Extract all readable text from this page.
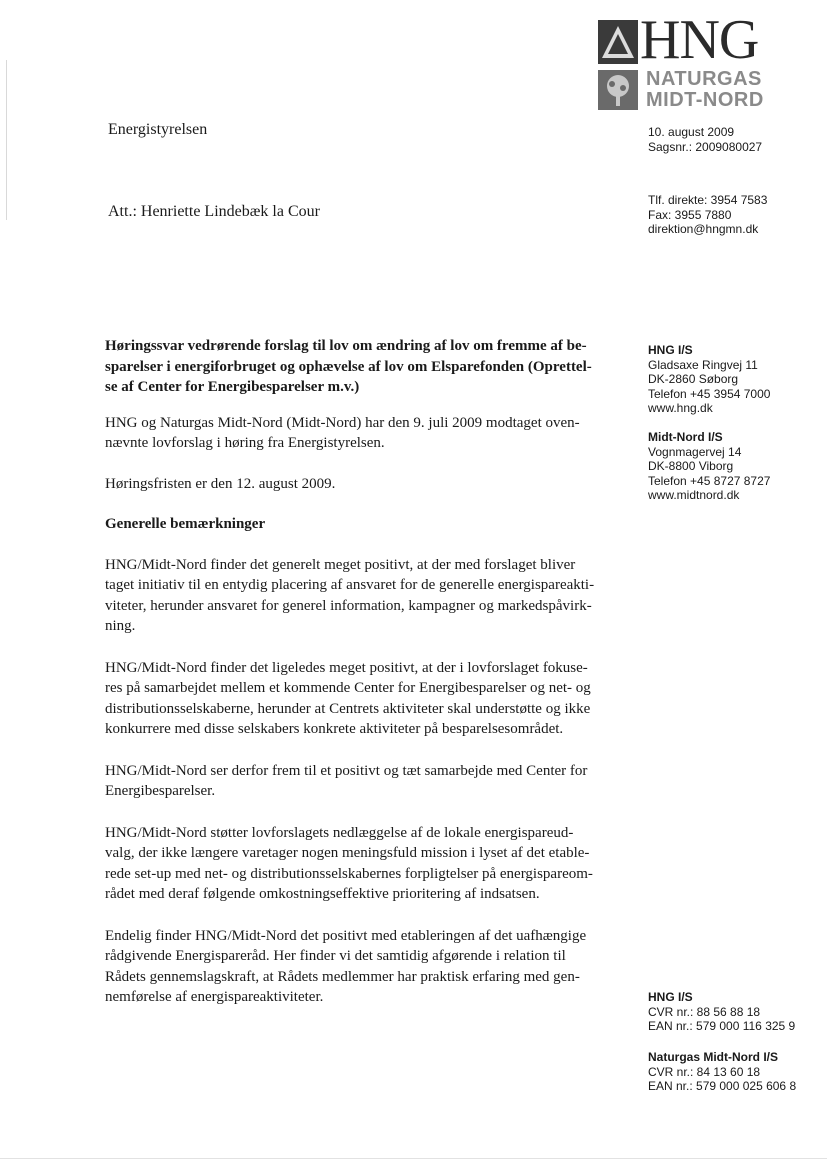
HNG
NATURGAS
MIDT-NORD
Energistyrelsen
Att.: Henriette Lindebæk la Cour
10. august 2009
Sagsnr.: 2009080027
Tlf. direkte: 3954 7583
Fax: 3955 7880
direktion@hngmn.dk
HNG I/S
Gladsaxe Ringvej 11
DK-2860 Søborg
Telefon +45 3954 7000
www.hng.dk
Midt-Nord I/S
Vognmagervej 14
DK-8800 Viborg
Telefon +45 8727 8727
www.midtnord.dk
HNG I/S
CVR nr.: 88 56 88 18
EAN nr.: 579 000 116 325 9
Naturgas Midt-Nord I/S
CVR nr.: 84 13 60 18
EAN nr.: 579 000 025 606 8

Høringssvar vedrørende forslag til lov om ændring af lov om fremme af be-
sparelser i energiforbruget og ophævelse af lov om Elsparefonden (Oprettel-
se af Center for Energibesparelser m.v.)

HNG og Naturgas Midt-Nord (Midt-Nord) har den 9. juli 2009 modtaget oven-
nævnte lovforslag i høring fra Energistyrelsen.

Høringsfristen er den 12. august 2009.

Generelle bemærkninger

HNG/Midt-Nord finder det generelt meget positivt, at der med forslaget bliver
taget initiativ til en entydig placering af ansvaret for de generelle energispareakti-
viteter, herunder ansvaret for generel information, kampagner og markedspåvirk-
ning.

HNG/Midt-Nord finder det ligeledes meget positivt, at der i lovforslaget fokuse-
res på samarbejdet mellem et kommende Center for Energibesparelser og net- og
distributionsselskaberne, herunder at Centrets aktiviteter skal understøtte og ikke
konkurrere med disse selskabers konkrete aktiviteter på besparelsesområdet.

HNG/Midt-Nord ser derfor frem til et positivt og tæt samarbejde med Center for
Energibesparelser.

HNG/Midt-Nord støtter lovforslagets nedlæggelse af de lokale energispareud-
valg, der ikke længere varetager nogen meningsfuld mission i lyset af det etable-
rede set-up med net- og distributionsselskabernes forpligtelser på energispareom-
rådet med deraf følgende omkostningseffektive prioritering af indsatsen.

Endelig finder HNG/Midt-Nord det positivt med etableringen af det uafhængige
rådgivende Energisparеråd. Her finder vi det samtidig afgørende i relation til
Rådets gennemslagskraft, at Rådets medlemmer har praktisk erfaring med gen-
nemførelse af energispareaktiviteter.
